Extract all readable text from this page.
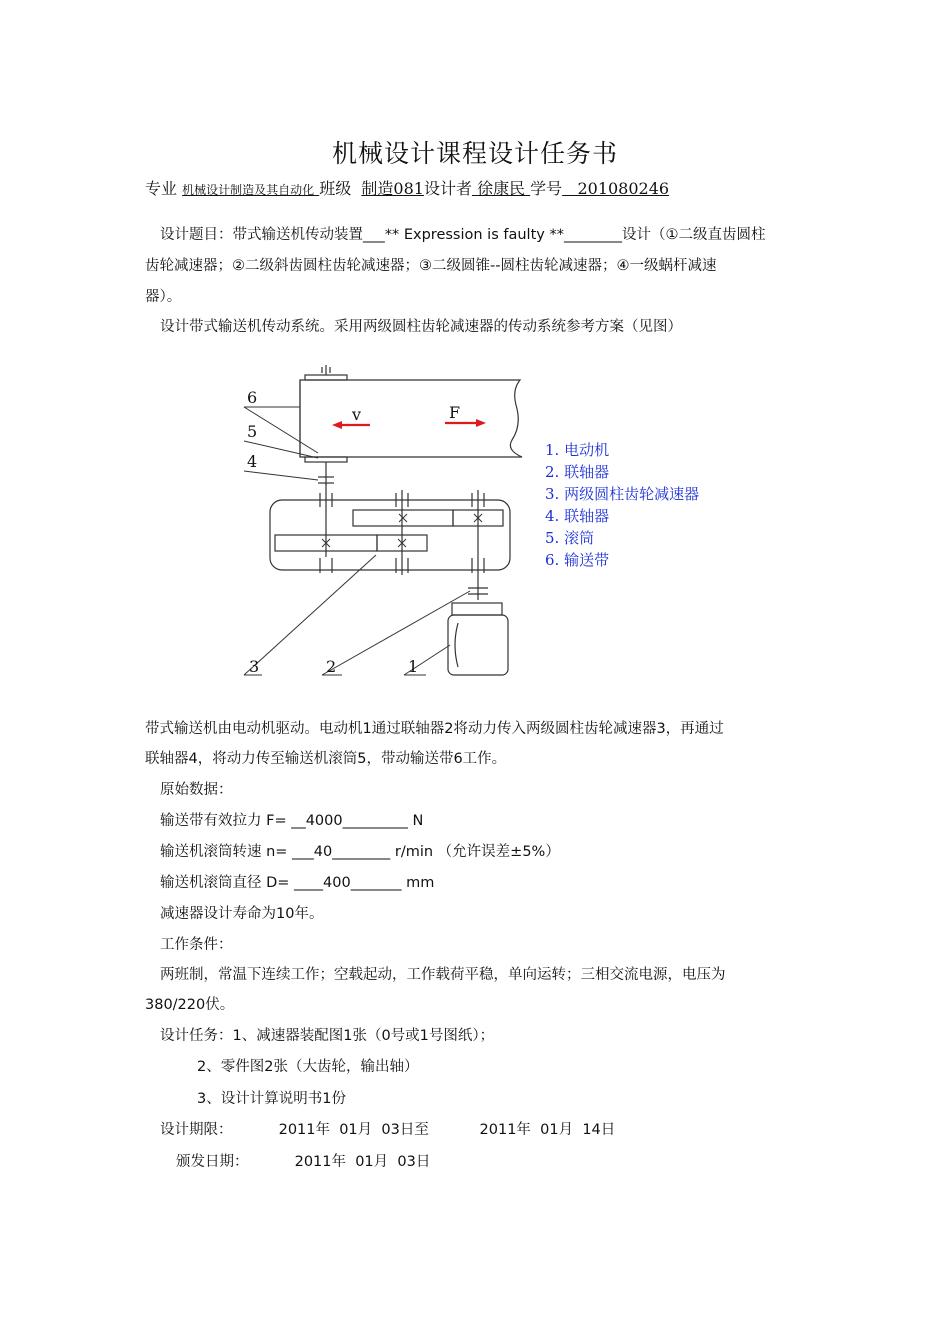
机械设计课程设计任务书
专业 机械设计制造及其自动化 班级 制造081设计者 徐康民 学号 201080246
设计题目：带式输送机传动装置___** Expression is faulty **________设计（①二级直齿圆柱
齿轮减速器；②二级斜齿圆柱齿轮减速器；③二级圆锥--圆柱齿轮减速器；④一级蜗杆减速
器）。
设计带式输送机传动系统。采用两级圆柱齿轮减速器的传动系统参考方案（见图）
v	F
6
5
4
3	2	1
1. 电动机
2. 联轴器
3. 两级圆柱齿轮减速器
4. 联轴器
5. 滚筒
6. 输送带
带式输送机由电动机驱动。电动机1通过联轴器2将动力传入两级圆柱齿轮减速器3，再通过
联轴器4，将动力传至输送机滚筒5，带动输送带6工作。
原始数据：
输送带有效拉力 F= __4000_________ N
输送机滚筒转速 n= ___40________ r/min （允许误差±5%）
输送机滚筒直径 D= ____400_______ mm
减速器设计寿命为10年。
工作条件：
两班制，常温下连续工作；空载起动，工作载荷平稳，单向运转；三相交流电源，电压为
380/220伏。
设计任务：1、减速器装配图1张（0号或1号图纸）；
2、零件图2张（大齿轮，输出轴）
3、设计计算说明书1份
设计期限：          2011年  01月  03日至           2011年  01月  14日
颁发日期：          2011年  01月  03日
